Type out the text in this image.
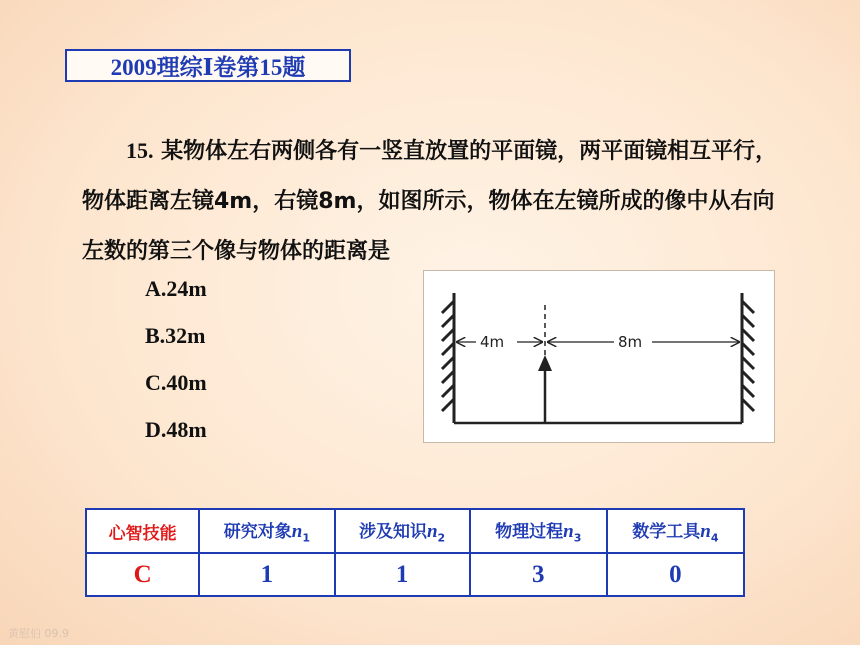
2009理综Ⅰ卷第15题

15. 某物体左右两侧各有一竖直放置的平面镜，两平面镜相互平行，物体距离左镜4m，右镜8m，如图所示，物体在左镜所成的像中从右向左数的第三个像与物体的距离是

A.24m
B.32m
C.40m
D.48m
4m	8m
心智技能	研究对象$n_1$	涉及知识$n_2$	物理过程$n_3$	数学工具$n_4$
C	1	1	3	0
黄慰伯 09.9
